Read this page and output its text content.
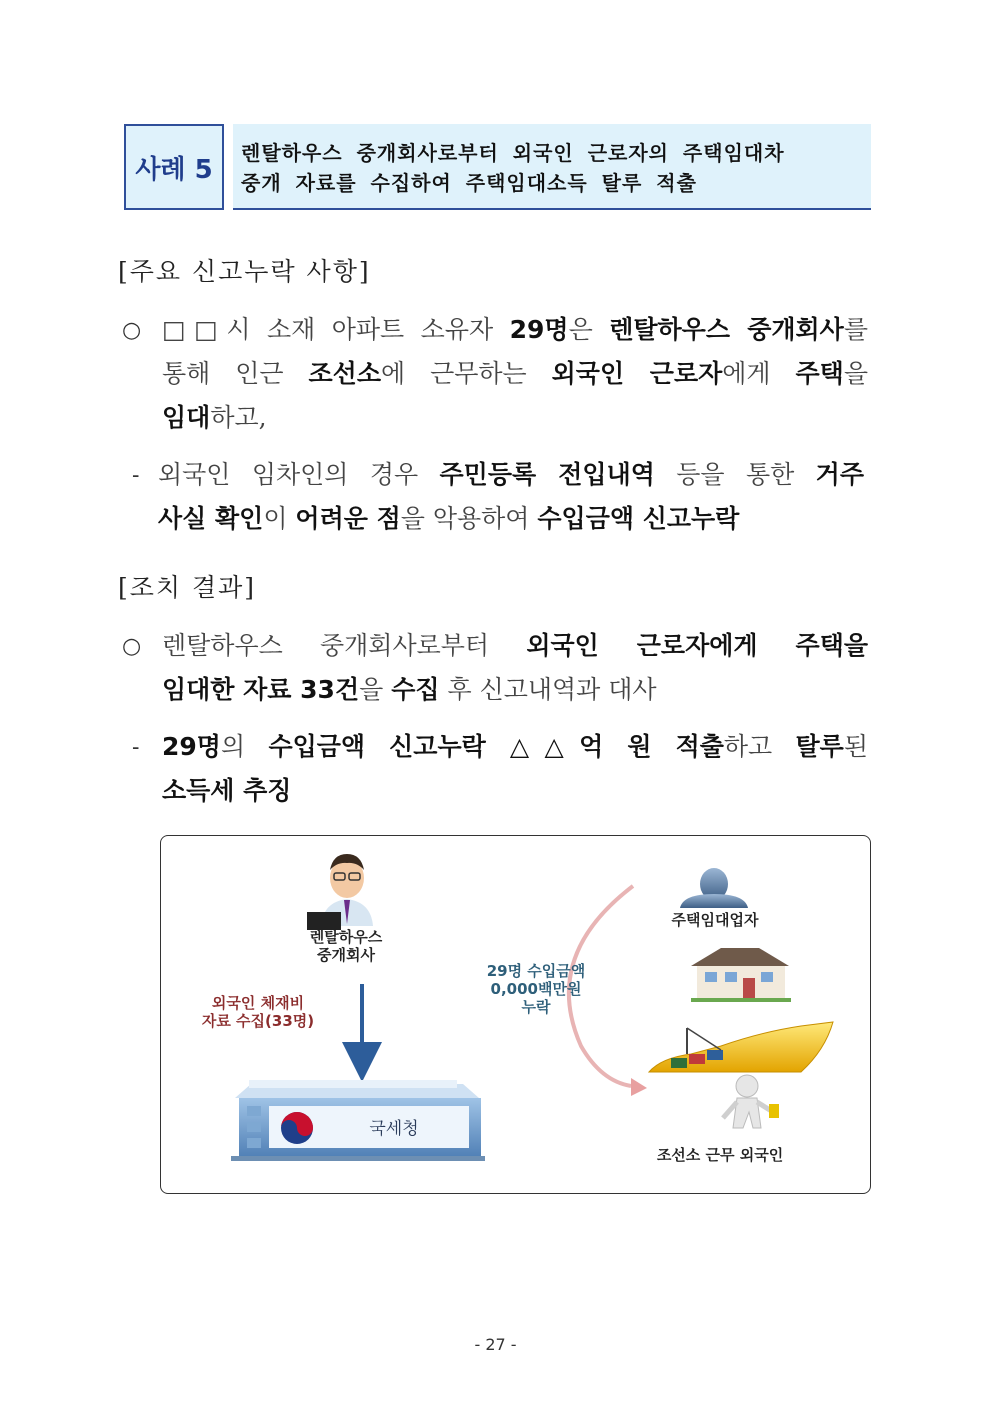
사례 5
렌탈하우스 중개회사로부터 외국인 근로자의 주택임대차
중개 자료를 수집하여 주택임대소득 탈루 적출
[주요 신고누락 사항]
○ □□시 소재 아파트 소유자 29명은 렌탈하우스 중개회사를
통해 인근 조선소에 근무하는 외국인 근로자에게 주택을
임대하고,
- 외국인 임차인의 경우 주민등록 전입내역 등을 통한 거주
사실 확인이 어려운 점을 악용하여 수입금액 신고누락
[조치 결과]
○ 렌탈하우스 중개회사로부터 외국인 근로자에게 주택을
임대한 자료 33건을 수집 후 신고내역과 대사
- 29명의 수입금액 신고누락 △△억 원 적출하고 탈루된
소득세 추징
렌탈하우스
중개회사
외국인 체재비
자료 수집(33명)
29명 수입금액
0,000백만원
누락
주택임대업자
조선소 근무 외국인
국세청
- 27 -
